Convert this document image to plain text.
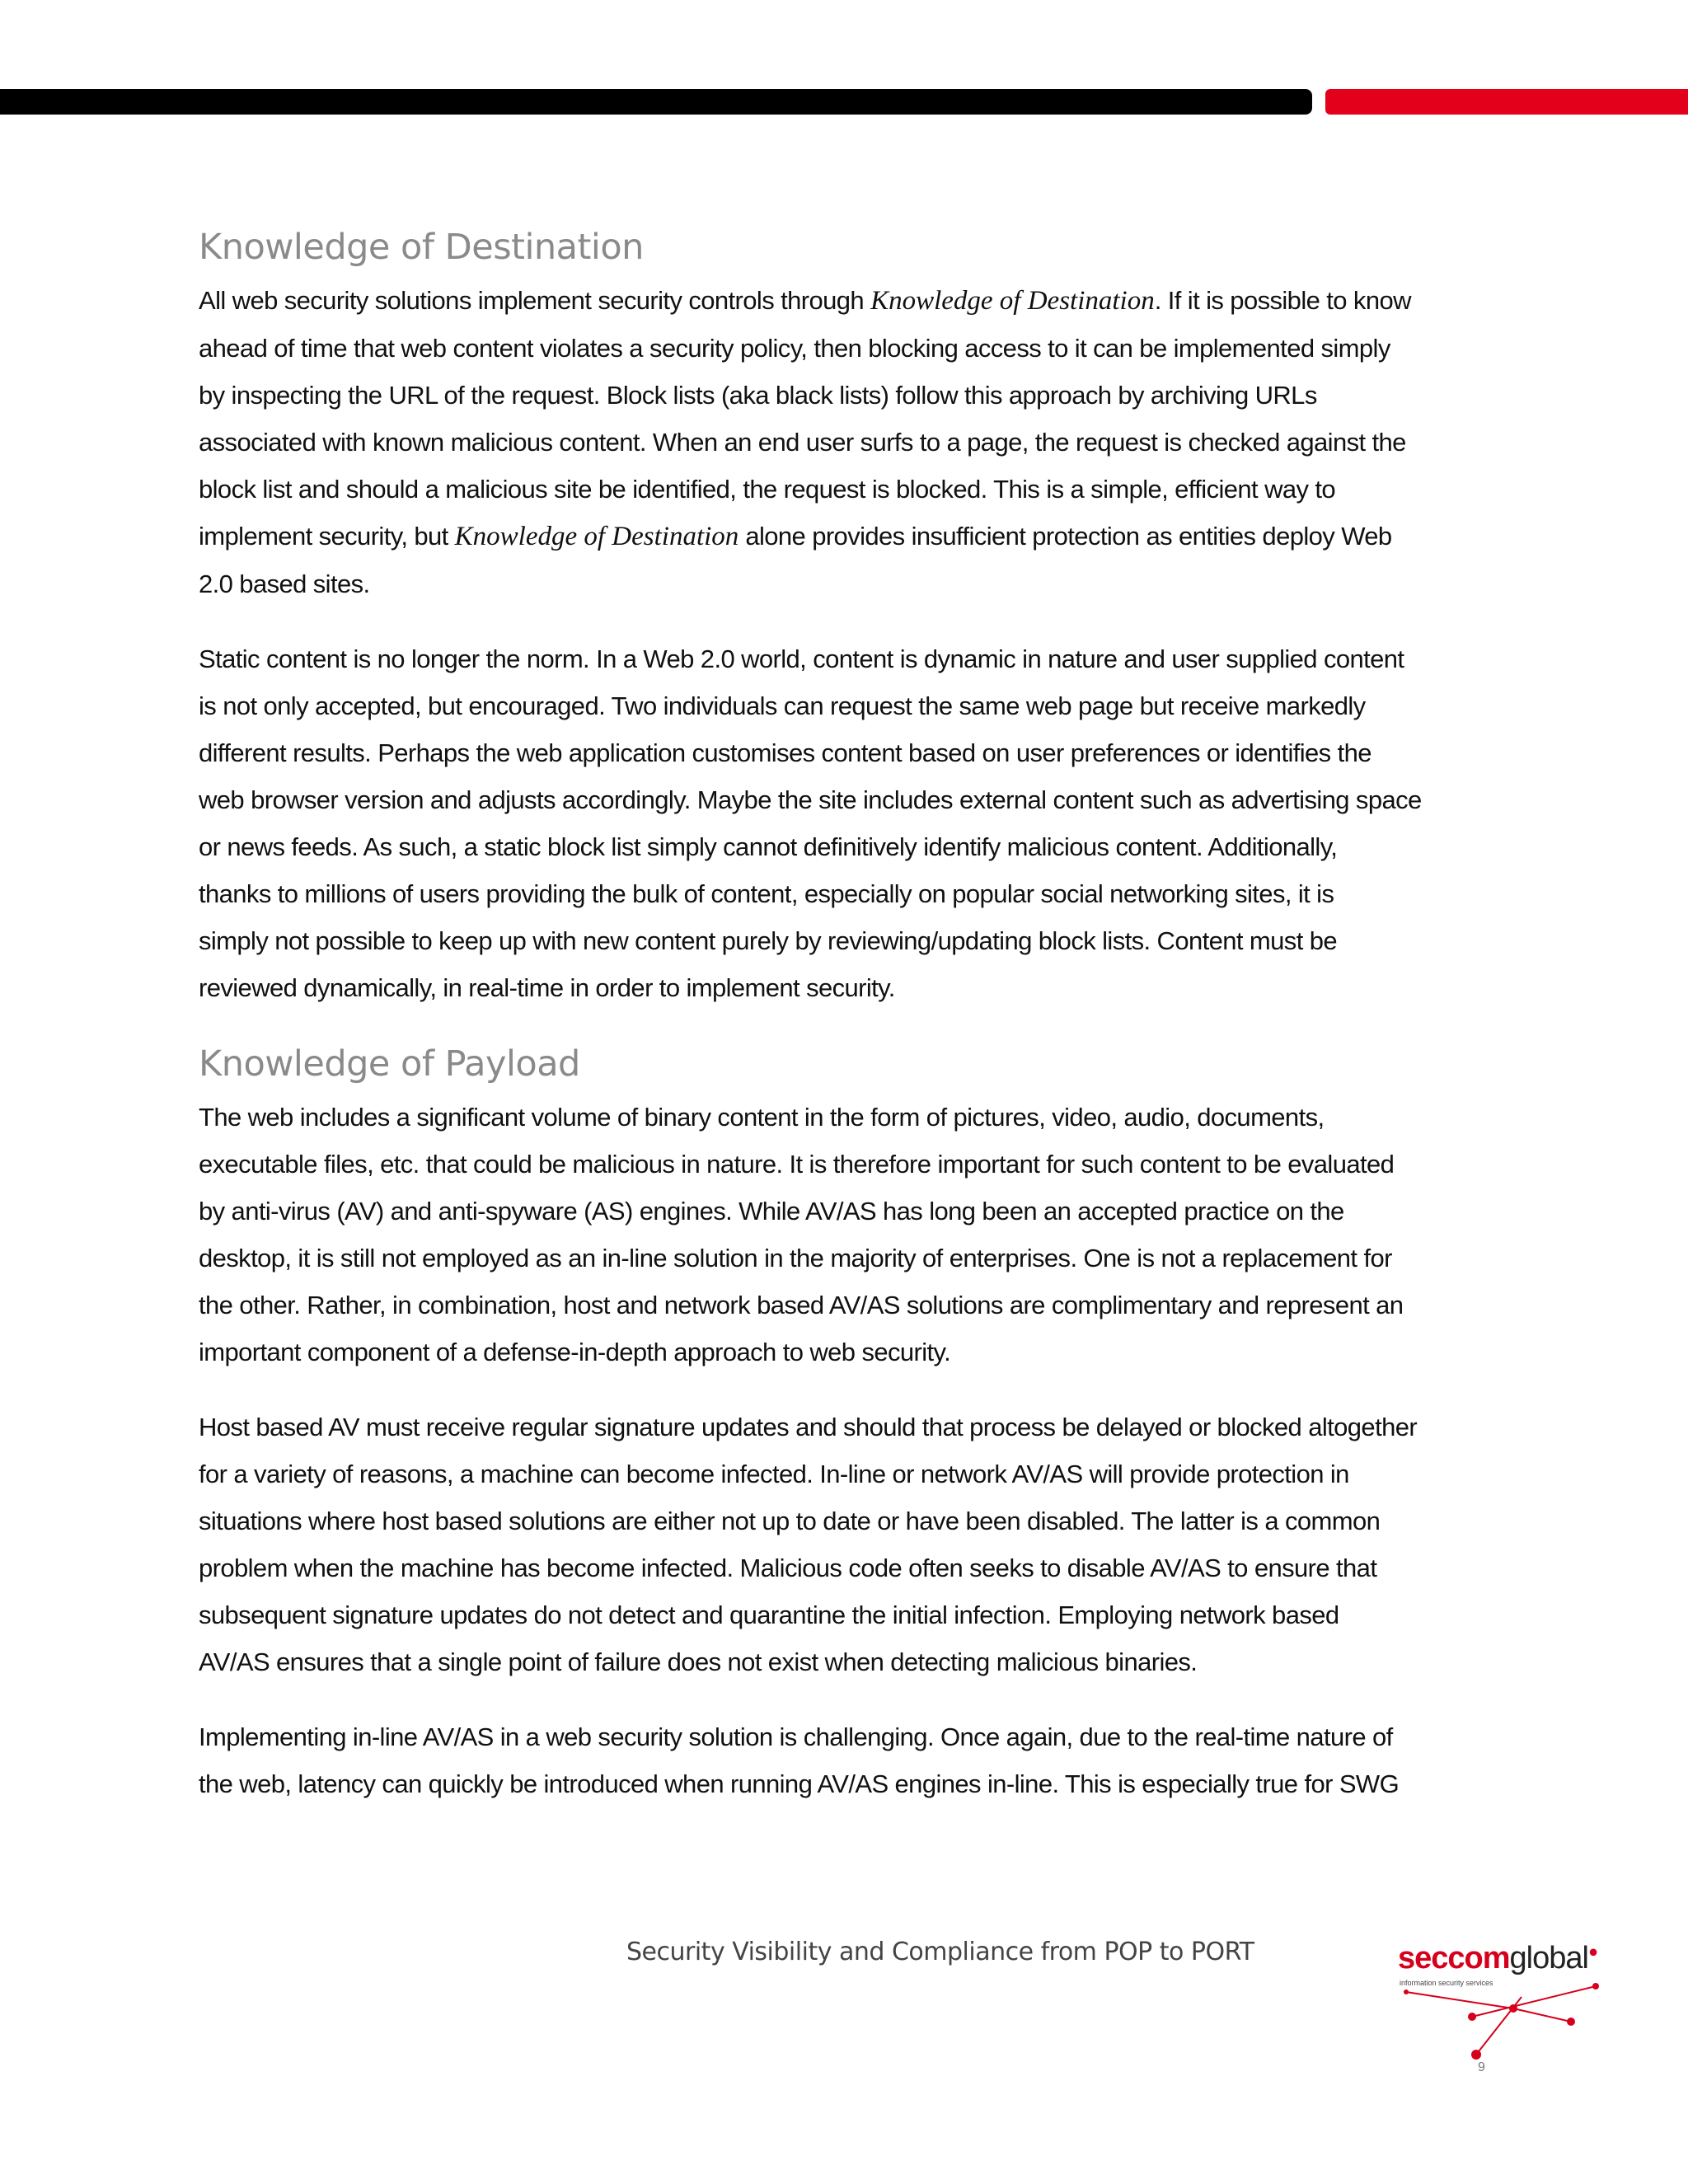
Knowledge of Destination

All web security solutions implement security controls through Knowledge of Destination. If it is possible to know
ahead of time that web content violates a security policy, then blocking access to it can be implemented simply
by inspecting the URL of the request. Block lists (aka black lists) follow this approach by archiving URLs
associated with known malicious content. When an end user surfs to a page, the request is checked against the
block list and should a malicious site be identified, the request is blocked. This is a simple, efficient way to
implement security, but Knowledge of Destination alone provides insufficient protection as entities deploy Web
2.0 based sites.

Static content is no longer the norm. In a Web 2.0 world, content is dynamic in nature and user supplied content
is not only accepted, but encouraged. Two individuals can request the same web page but receive markedly
different results. Perhaps the web application customises content based on user preferences or identifies the
web browser version and adjusts accordingly. Maybe the site includes external content such as advertising space
or news feeds. As such, a static block list simply cannot definitively identify malicious content. Additionally,
thanks to millions of users providing the bulk of content, especially on popular social networking sites, it is
simply not possible to keep up with new content purely by reviewing/updating block lists. Content must be
reviewed dynamically, in real-time in order to implement security.

Knowledge of Payload

The web includes a significant volume of binary content in the form of pictures, video, audio, documents,
executable files, etc. that could be malicious in nature. It is therefore important for such content to be evaluated
by anti-virus (AV) and anti-spyware (AS) engines. While AV/AS has long been an accepted practice on the
desktop, it is still not employed as an in-line solution in the majority of enterprises. One is not a replacement for
the other. Rather, in combination, host and network based AV/AS solutions are complimentary and represent an
important component of a defense-in-depth approach to web security.

Host based AV must receive regular signature updates and should that process be delayed or blocked altogether
for a variety of reasons, a machine can become infected. In-line or network AV/AS will provide protection in
situations where host based solutions are either not up to date or have been disabled. The latter is a common
problem when the machine has become infected. Malicious code often seeks to disable AV/AS to ensure that
subsequent signature updates do not detect and quarantine the initial infection. Employing network based
AV/AS ensures that a single point of failure does not exist when detecting malicious binaries.

Implementing in-line AV/AS in a web security solution is challenging. Once again, due to the real-time nature of
the web, latency can quickly be introduced when running AV/AS engines in-line. This is especially true for SWG

Security Visibility and Compliance from POP to PORT	seccomglobal●
information security services
9
